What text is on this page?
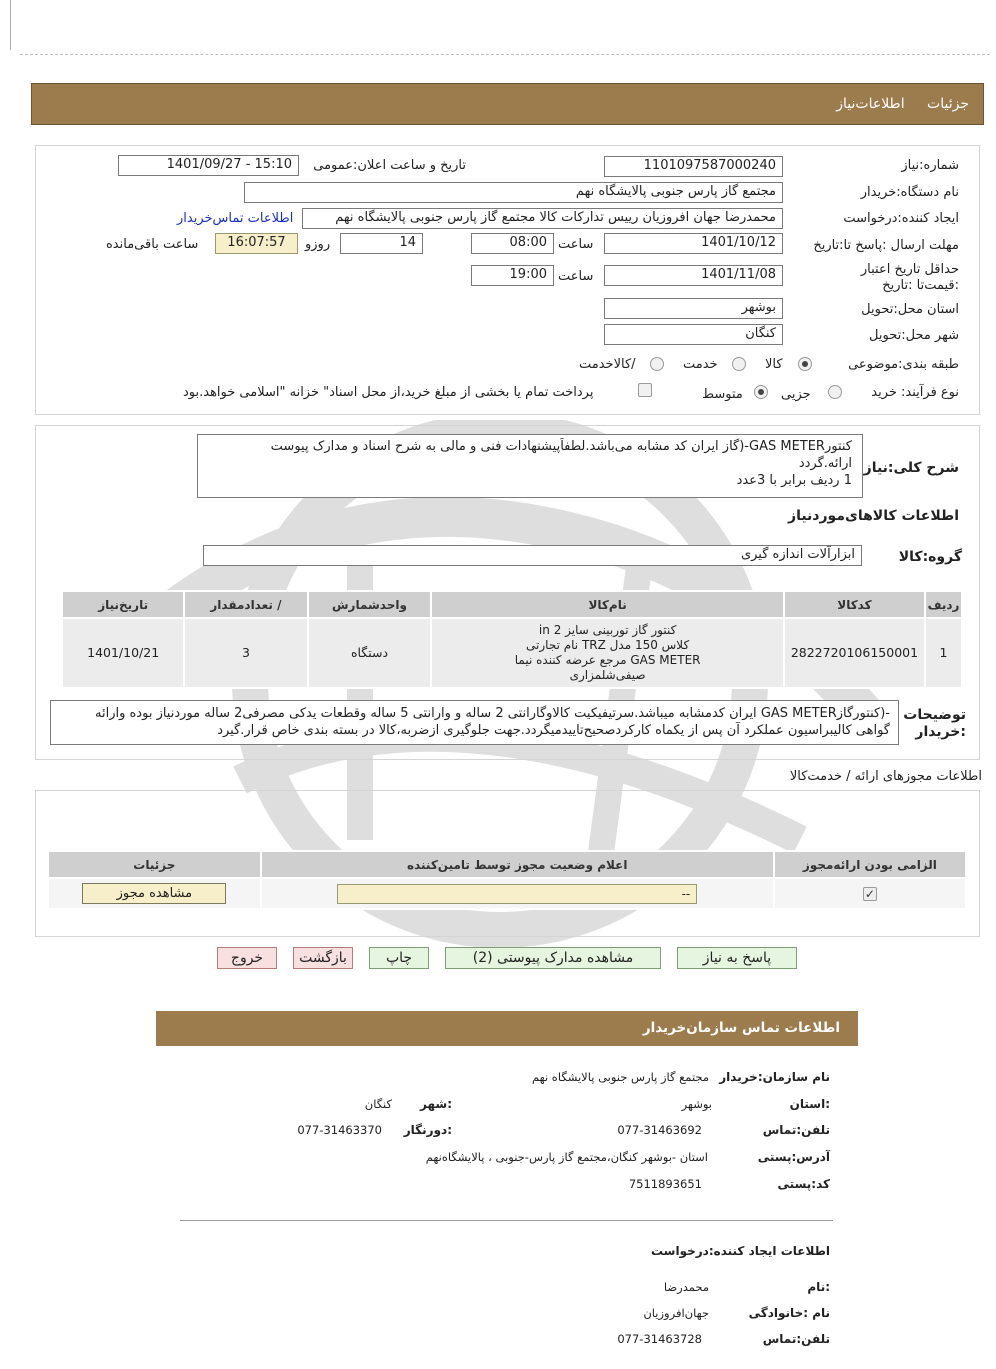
جزئیات اطلاعات‌نیاز
شماره:نیاز
1101097587000240
تاریخ و ساعت اعلان:عمومی
1401/09/27 - 15:10
نام دستگاه:خریدار
مجتمع گاز پارس جنوبی پالایشگاه نهم
ایجاد کننده:درخواست
محمدرضا جهان افروزیان رییس تدارکات کالا مجتمع گاز پارس جنوبی پالایشگاه نهم
اطلاعات تماس‌خریدار
مهلت ارسال :پاسخ تا:تاریخ
1401/10/12
ساعت
08:00
14
روزو
16:07:57
ساعت باقی‌مانده
حداقل تاریخ اعتبار :قیمت‌تا :تاریخ
1401/11/08
ساعت
19:00
استان محل:تحویل
بوشهر
شهر محل:تحویل
کنگان
طبقه بندی:موضوعی
کالا
خدمت
/کالاخدمت
نوع فرآیند: خرید
جزیی
متوسط
پرداخت تمام یا بخشی از مبلغ خرید،از محل اسناد" خزانه "اسلامی خواهد.بود
شرح کلی:نیاز
کنتورGAS METER-(گاز ایران کد مشابه می‌باشد.لطفاًپیشنهادات فنی و مالی به شرح اسناد و مدارک پیوست
ارائه.گردد
1 ردیف برابر با 3عدد
اطلاعات کالاهای‌موردنیاز
گروه:کالا
ابزارآلات اندازه گیری
ردیف	کدکالا	نام‌کالا	واحدشمارش	/ تعدادمقدار	تاریخ‌نیاز
1	2822720106150001	کنتور گاز توربینی سایز 2 in
کلاس 150 مدل TRZ نام تجارتی
GAS METER مرجع عرضه کننده نیما
صیفی‌شلمزاری	دستگاه	3	1401/10/21
توضیحات :خریدار
-(کنتورگازGAS METER ایران کدمشابه میباشد.سرتیفیکیت کالاوگارانتی 2 ساله و وارانتی 5 ساله وقطعات یدکی مصرفی2 ساله موردنیاز بوده وارائه
گواهی کالیبراسیون عملکرد آن پس از یکماه کارکردصحیح‌تاییدمیگردد.جهت جلوگیری ازضربه،کالا در بسته بندی خاص قرار.گیرد
اطلاعات مجوزهای ارائه / خدمت‌کالا
الزامی بودن ارائه‌مجوز	اعلام وضعیت مجوز توسط تامین‌کننده	جزئیات
✓	--	مشاهده مجوز
پاسخ به نیاز
مشاهده مدارک پیوستی (2)
چاپ
بازگشت
خروج
اطلاعات تماس سازمان‌خریدار
نام سازمان:خریدار
مجتمع گاز پارس جنوبی پالایشگاه نهم
:استان
بوشهر
:شهر
کنگان
تلفن:تماس
077-31463692
:دورنگار
077-31463370
آدرس:پستی
استان -بوشهر کنگان،مجتمع گاز پارس-جنوبی ، پالایشگاه‌نهم
کد:پستی
7511893651
اطلاعات ایجاد کننده:درخواست
:نام
محمدرضا
نام :خانوادگی
جهان‌افروزیان
تلفن:تماس
077-31463728
